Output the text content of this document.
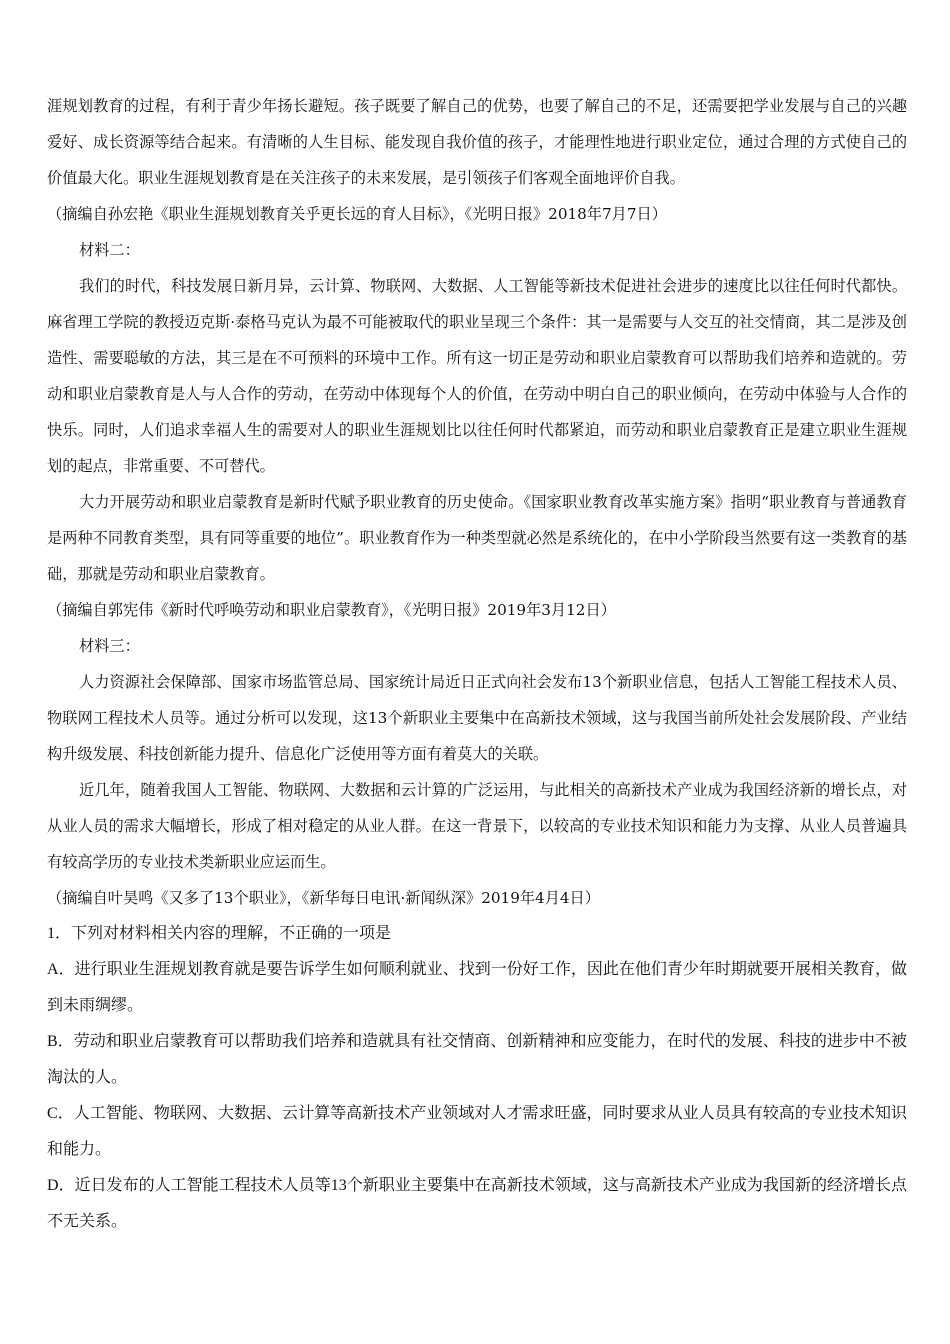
涯规划教育的过程，有利于青少年扬长避短。孩子既要了解自己的优势，也要了解自己的不足，还需要把学业发展与自己的兴趣爱好、成长资源等结合起来。有清晰的人生目标、能发现自我价值的孩子，才能理性地进行职业定位，通过合理的方式使自己的价值最大化。职业生涯规划教育是在关注孩子的未来发展，是引领孩子们客观全面地评价自我。

（摘编自孙宏艳《职业生涯规划教育关乎更长远的育人目标》，《光明日报》2018年7月7日）

材料二：

我们的时代，科技发展日新月异，云计算、物联网、大数据、人工智能等新技术促进社会进步的速度比以往任何时代都快。麻省理工学院的教授迈克斯·泰格马克认为最不可能被取代的职业呈现三个条件：其一是需要与人交互的社交情商，其二是涉及创造性、需要聪敏的方法，其三是在不可预料的环境中工作。所有这一切正是劳动和职业启蒙教育可以帮助我们培养和造就的。劳动和职业启蒙教育是人与人合作的劳动，在劳动中体现每个人的价值，在劳动中明白自己的职业倾向，在劳动中体验与人合作的快乐。同时，人们追求幸福人生的需要对人的职业生涯规划比以往任何时代都紧迫，而劳动和职业启蒙教育正是建立职业生涯规划的起点，非常重要、不可替代。

大力开展劳动和职业启蒙教育是新时代赋予职业教育的历史使命。《国家职业教育改革实施方案》指明“职业教育与普通教育是两种不同教育类型，具有同等重要的地位”。职业教育作为一种类型就必然是系统化的，在中小学阶段当然要有这一类教育的基础，那就是劳动和职业启蒙教育。

（摘编自郭宪伟《新时代呼唤劳动和职业启蒙教育》，《光明日报》2019年3月12日）

材料三：

人力资源社会保障部、国家市场监管总局、国家统计局近日正式向社会发布13个新职业信息，包括人工智能工程技术人员、物联网工程技术人员等。通过分析可以发现，这13个新职业主要集中在高新技术领域，这与我国当前所处社会发展阶段、产业结构升级发展、科技创新能力提升、信息化广泛使用等方面有着莫大的关联。

近几年，随着我国人工智能、物联网、大数据和云计算的广泛运用，与此相关的高新技术产业成为我国经济新的增长点，对从业人员的需求大幅增长，形成了相对稳定的从业人群。在这一背景下，以较高的专业技术知识和能力为支撑、从业人员普遍具有较高学历的专业技术类新职业应运而生。

（摘编自叶昊鸣《又多了13个职业》，《新华每日电讯·新闻纵深》2019年4月4日）

1．下列对材料相关内容的理解，不正确的一项是

A．进行职业生涯规划教育就是要告诉学生如何顺利就业、找到一份好工作，因此在他们青少年时期就要开展相关教育，做到未雨绸缪。

B．劳动和职业启蒙教育可以帮助我们培养和造就具有社交情商、创新精神和应变能力，在时代的发展、科技的进步中不被淘汰的人。

C．人工智能、物联网、大数据、云计算等高新技术产业领域对人才需求旺盛，同时要求从业人员具有较高的专业技术知识和能力。

D．近日发布的人工智能工程技术人员等13个新职业主要集中在高新技术领域，这与高新技术产业成为我国新的经济增长点不无关系。
